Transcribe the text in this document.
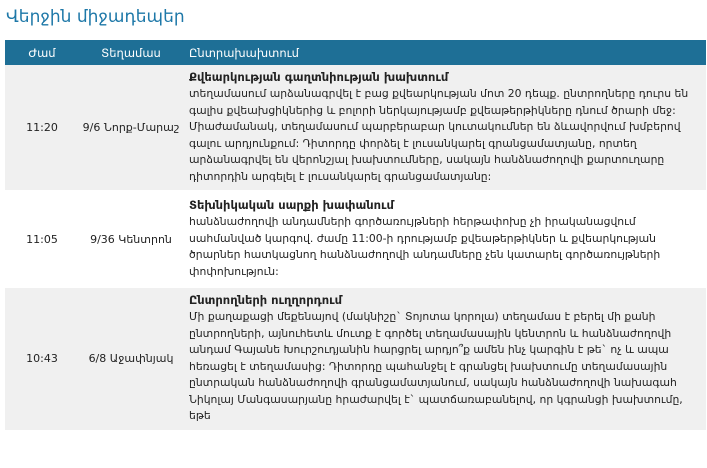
Վերջին միջադեպեր
Ժամ	Տեղամաս	Ընտրախախտում
11:20	9/6 Նորք-Մարաշ	Քվեարկության գաղտնիության խախտում
տեղամասում արձանագրվել է բաց քվեարկության մոտ 20 դեպք. ընտրողները դուրս են գալիս քվեախցիկներից և բոլորի ներկայությամբ քվեաթերթիկները դնում ծրարի մեջ: Միաժամանակ, տեղամասում պարբերաբար կուտակումներ են ձևավորվում խմբերով գալու արդյունքում: Դիտորդը փորձել է լուսանկարել գրանցամատյանը, որտեղ արձանագրվել են վերոնշյալ խախտումները, սակայն հանձնաժողովի քարտուղարը դիտորդին արգելել է լուսանկարել գրանցամատյանը:

11:05	9/36 Կենտրոն	Տեխնիկական սարքի խափանում
հանձնաժողովի անդամների գործառույթների հերթափոխը չի իրականացվում սահմանված կարգով. ժամը 11:00-ի դրությամբ քվեաթերթիկներ և քվեարկության ծրարներ հատկացնող հանձնաժողովի անդամները չեն կատարել գործառույթների փոփոխություն:

10:43	6/8 Աջափնյակ	Ընտրողների ուղղորդում
Մի քաղաքացի մեքենայով (մակնիշը` Տոյոտա կորոլա) տեղամաս է բերել մի քանի ընտրողների, այնուհետև մուտք է գործել տեղամասային կենտրոն և հանձնաժողովի անդամ Գայանե Խուրշուդյանին հարցրել արդյո՞ք ամեն ինչ կարգին է թե` ոչ և ապա հեռացել է տեղամասից: Դիտորդը պահանջել է գրանցել խախտումը տեղամասային ընտրական հանձնաժողովի գրանցամատյանում, սակայն հանձնաժողովի նախագահ Նիկոլայ Մանգասարյանը հրաժարվել է` պատճառաբանելով, որ կգրանցի խախտումը, եթե
